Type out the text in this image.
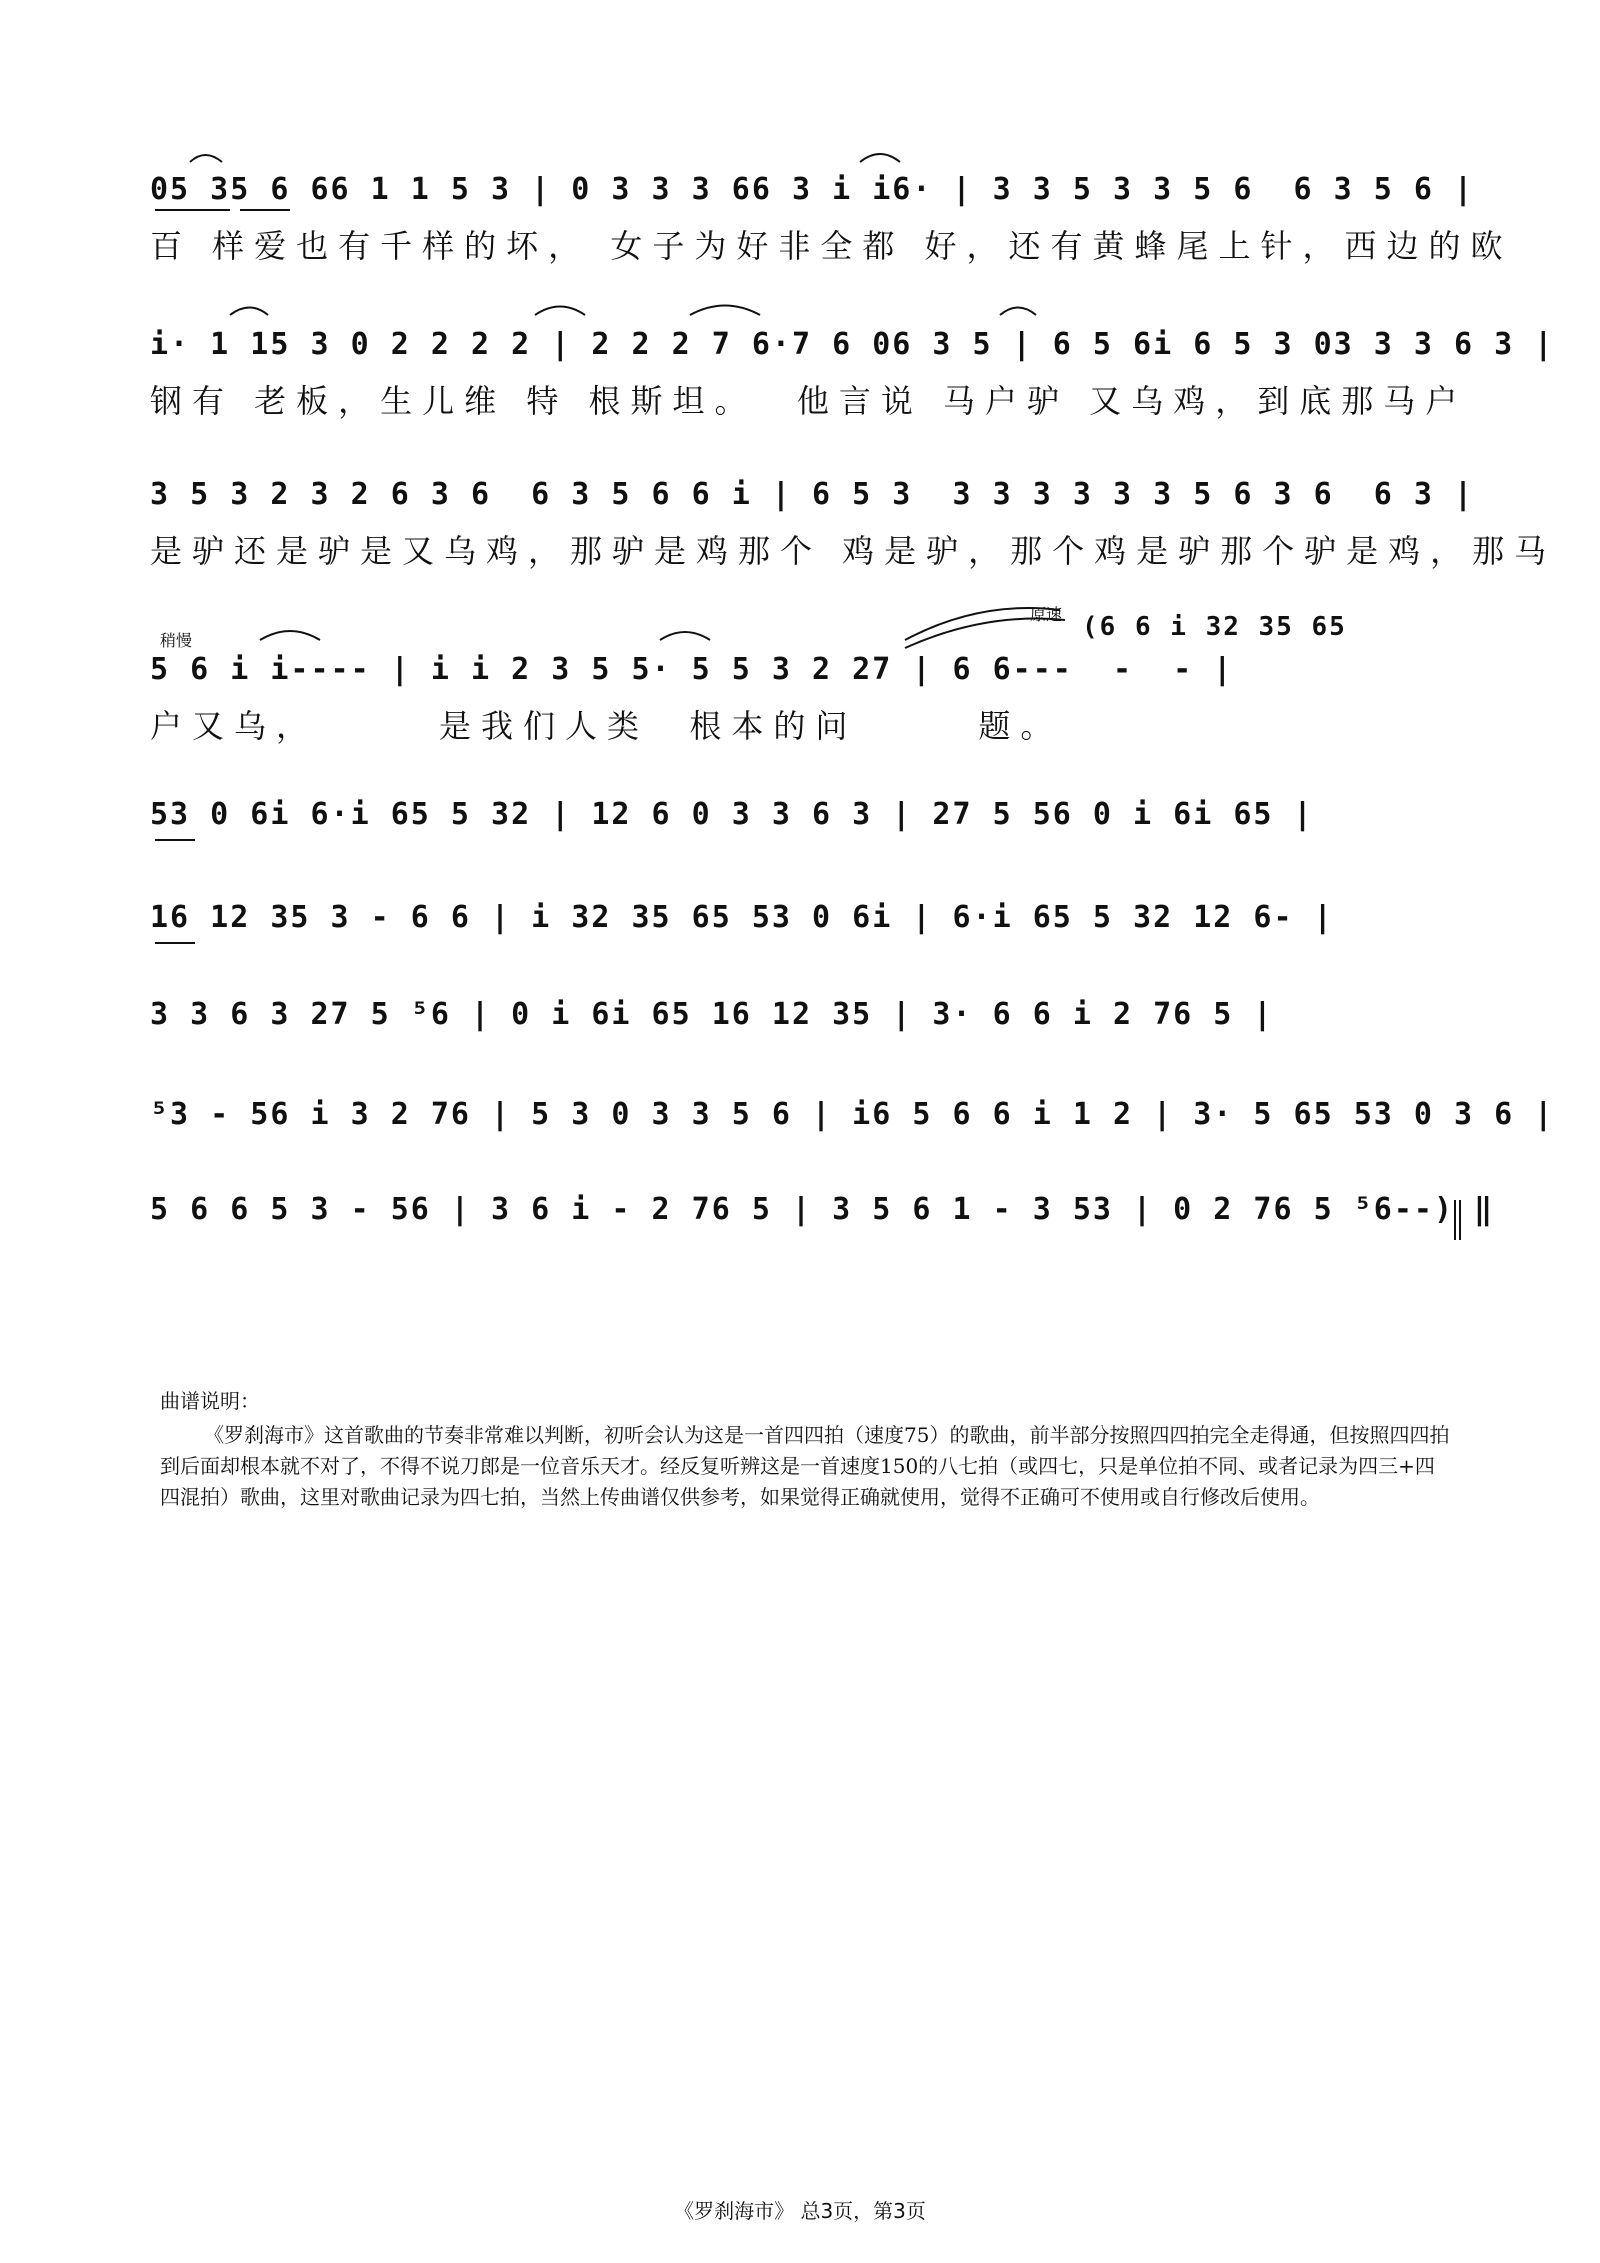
05 35 6 66 1 1 5 3 | 0 3 3 3 66 3 i i6· | 3 3 5 3 3 5 6  6 3 5 6 |
百 样爱也有千样的坏， 女子为好非全都 好，还有黄蜂尾上针，西边的欧
i· 1 15 3 0 2 2 2 2 | 2 2 2 7 6·7 6 06 3 5 | 6 5 6i 6 5 3 03 3 3 6 3 |
钢有 老板，生儿维 特 根斯坦。  他言说 马户驴 又乌鸡，到底那马户
3 5 3 2 3 2 6 3 6  6 3 5 6 6 i | 6 5 3  3 3 3 3 3 3 5 6 3 6  6 3 |
是驴还是驴是又乌鸡，那驴是鸡那个 鸡是驴，那个鸡是驴那个驴是鸡，那马
稍慢
原速 (6 6 i 32 35 65
5 6 i i---- | i i 2 3 5 5· 5 5 3 2 27 | 6 6---  -  - |
户又乌，      是我们人类  根本的问      题。
53 0 6i 6·i 65 5 32 | 12 6 0 3 3 6 3 | 27 5 56 0 i 6i 65 |
16 12 35 3 - 6 6 | i 32 35 65 53 0 6i | 6·i 65 5 32 12 6- |
3 3 6 3 27 5 ⁵6 | 0 i 6i 65 16 12 35 | 3· 6 6 i 2 76 5 |
⁵3 - 56 i 3 2 76 | 5 3 0 3 3 5 6 | i6 5 6 6 i 1 2 | 3· 5 65 53 0 3 6 |
5 6 6 5 3 - 56 | 3 6 i - 2 76 5 | 3 5 6 1 - 3 53 | 0 2 76 5 ⁵6--) ‖
曲谱说明：
《罗刹海市》这首歌曲的节奏非常难以判断，初听会认为这是一首四四拍（速度75）的歌曲，前半部分按照四四拍完全走得通，但按照四四拍到后面却根本就不对了，不得不说刀郎是一位音乐天才。经反复听辨这是一首速度150的八七拍（或四七，只是单位拍不同、或者记录为四三+四四混拍）歌曲，这里对歌曲记录为四七拍，当然上传曲谱仅供参考，如果觉得正确就使用，觉得不正确可不使用或自行修改后使用。
《罗刹海市》 总3页，第3页
